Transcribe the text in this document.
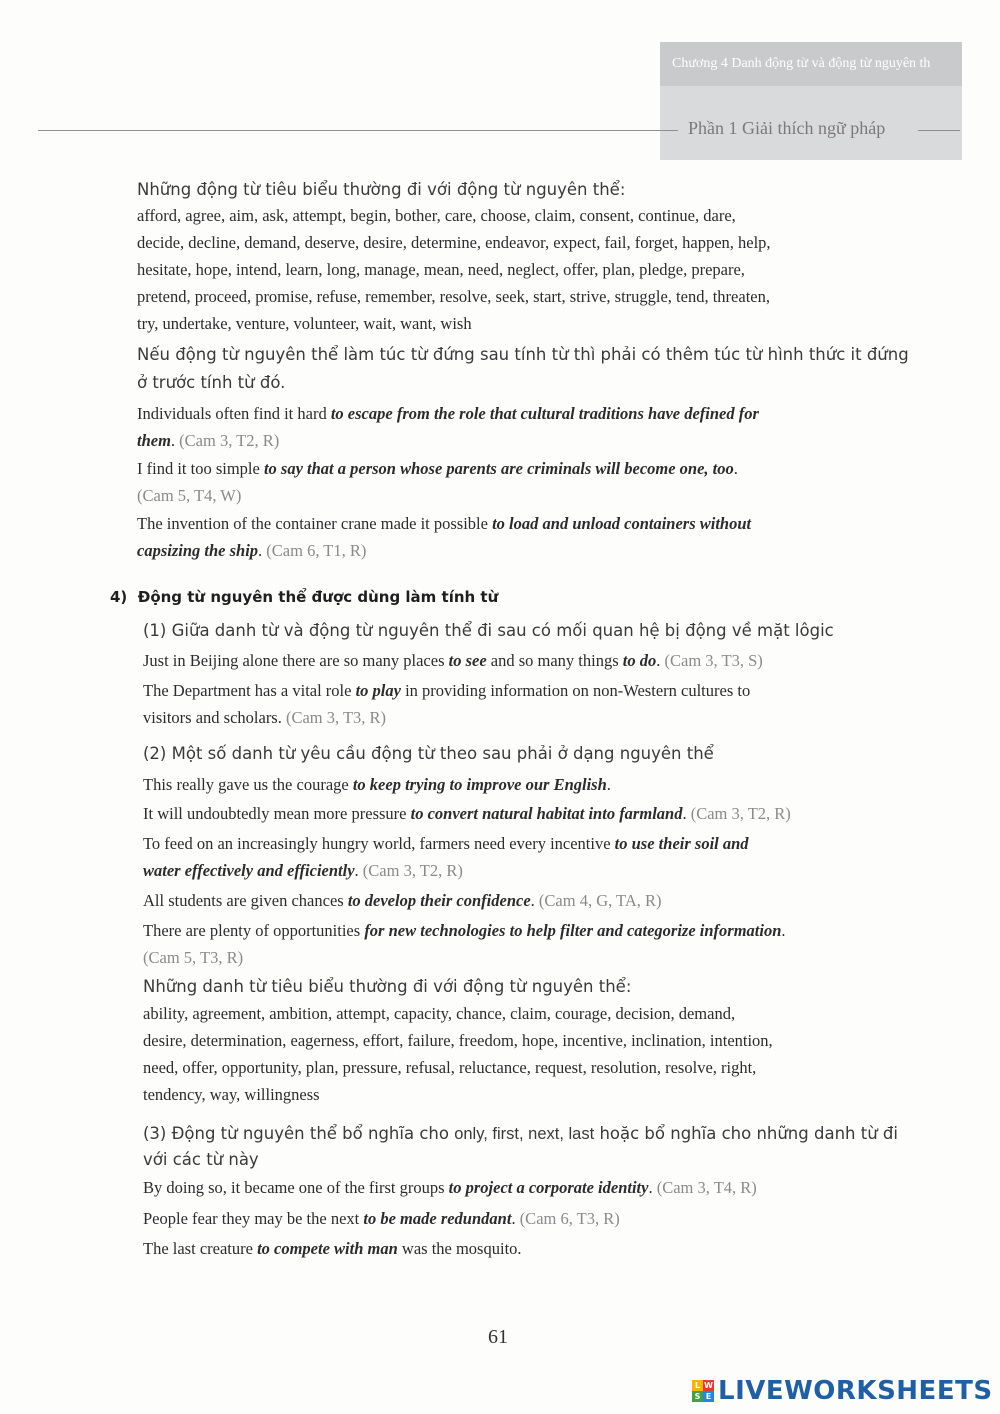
Chương 4 Danh động từ và động từ nguyên th
Phần 1 Giải thích ngữ pháp

Những động từ tiêu biểu thường đi với động từ nguyên thể:

afford, agree, aim, ask, attempt, begin, bother, care, choose, claim, consent, continue, dare,

decide, decline, demand, deserve, desire, determine, endeavor, expect, fail, forget, happen, help,

hesitate, hope, intend, learn, long, manage, mean, need, neglect, offer, plan, pledge, prepare,

pretend, proceed, promise, refuse, remember, resolve, seek, start, strive, struggle, tend, threaten,

try, undertake, venture, volunteer, wait, want, wish

Nếu động từ nguyên thể làm túc từ đứng sau tính từ thì phải có thêm túc từ hình thức it đứng

ở trước tính từ đó.

Individuals often find it hard to escape from the role that cultural traditions have defined for

them. (Cam 3, T2, R)

I find it too simple to say that a person whose parents are criminals will become one, too.

(Cam 5, T4, W)

The invention of the container crane made it possible to load and unload containers without

capsizing the ship. (Cam 6, T1, R)

4) Động từ nguyên thể được dùng làm tính từ

(1) Giữa danh từ và động từ nguyên thể đi sau có mối quan hệ bị động về mặt lôgic

Just in Beijing alone there are so many places to see and so many things to do. (Cam 3, T3, S)

The Department has a vital role to play in providing information on non-Western cultures to

visitors and scholars. (Cam 3, T3, R)

(2) Một số danh từ yêu cầu động từ theo sau phải ở dạng nguyên thể

This really gave us the courage to keep trying to improve our English.

It will undoubtedly mean more pressure to convert natural habitat into farmland. (Cam 3, T2, R)

To feed on an increasingly hungry world, farmers need every incentive to use their soil and

water effectively and efficiently. (Cam 3, T2, R)

All students are given chances to develop their confidence. (Cam 4, G, TA, R)

There are plenty of opportunities for new technologies to help filter and categorize information.

(Cam 5, T3, R)

Những danh từ tiêu biểu thường đi với động từ nguyên thể:

ability, agreement, ambition, attempt, capacity, chance, claim, courage, decision, demand,

desire, determination, eagerness, effort, failure, freedom, hope, incentive, inclination, intention,

need, offer, opportunity, plan, pressure, refusal, reluctance, request, resolution, resolve, right,

tendency, way, willingness

(3) Động từ nguyên thể bổ nghĩa cho only, first, next, last hoặc bổ nghĩa cho những danh từ đi

với các từ này

By doing so, it became one of the first groups to project a corporate identity. (Cam 3, T4, R)

People fear they may be the next to be made redundant. (Cam 6, T3, R)

The last creature to compete with man was the mosquito.

61
L W
S E LIVEWORKSHEETS
